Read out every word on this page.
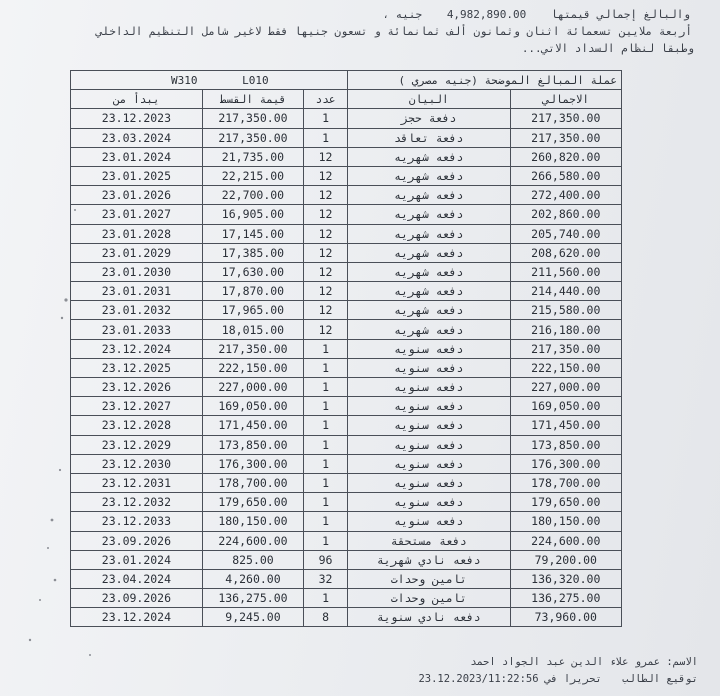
والبالغ إجمالي قيمتها 4,982,890.00 جنيه ،
أربعة ملايين تسعمائة اثنان وثمانون ألف ثمانمائة و تسعون جنيها فقط لاغير شامل التنظيم الداخلي
وطبقا لنظام السداد الاتي...
W310 L010			عملة المبالغ الموضحة (جنيه مصري )	
يبدأ من	قيمة القسط	عدد	البيان	الاجمالي
23.12.2023	217,350.00	1	دفعة حجز	217,350.00
23.03.2024	217,350.00	1	دفعة تعاقد	217,350.00
23.01.2024	21,735.00	12	دفعه شهريه	260,820.00
23.01.2025	22,215.00	12	دفعه شهريه	266,580.00
23.01.2026	22,700.00	12	دفعه شهريه	272,400.00
23.01.2027	16,905.00	12	دفعه شهريه	202,860.00
23.01.2028	17,145.00	12	دفعه شهريه	205,740.00
23.01.2029	17,385.00	12	دفعه شهريه	208,620.00
23.01.2030	17,630.00	12	دفعه شهريه	211,560.00
23.01.2031	17,870.00	12	دفعه شهريه	214,440.00
23.01.2032	17,965.00	12	دفعه شهريه	215,580.00
23.01.2033	18,015.00	12	دفعه شهريه	216,180.00
23.12.2024	217,350.00	1	دفعه سنويه	217,350.00
23.12.2025	222,150.00	1	دفعه سنويه	222,150.00
23.12.2026	227,000.00	1	دفعه سنويه	227,000.00
23.12.2027	169,050.00	1	دفعه سنويه	169,050.00
23.12.2028	171,450.00	1	دفعه سنويه	171,450.00
23.12.2029	173,850.00	1	دفعه سنويه	173,850.00
23.12.2030	176,300.00	1	دفعه سنويه	176,300.00
23.12.2031	178,700.00	1	دفعه سنويه	178,700.00
23.12.2032	179,650.00	1	دفعه سنويه	179,650.00
23.12.2033	180,150.00	1	دفعه سنويه	180,150.00
23.09.2026	224,600.00	1	دفعة مستحقة	224,600.00
23.01.2024	825.00	96	دفعه نادي شهرية	79,200.00
23.04.2024	4,260.00	32	تامين وحدات	136,320.00
23.09.2026	136,275.00	1	تامين وحدات	136,275.00
23.12.2024	9,245.00	8	دفعه نادي سنوية	73,960.00
الاسم: عمرو علاء الدين عبد الجواد احمد
توقيع الطالب تحريرا في 23.12.2023/11:22:56
